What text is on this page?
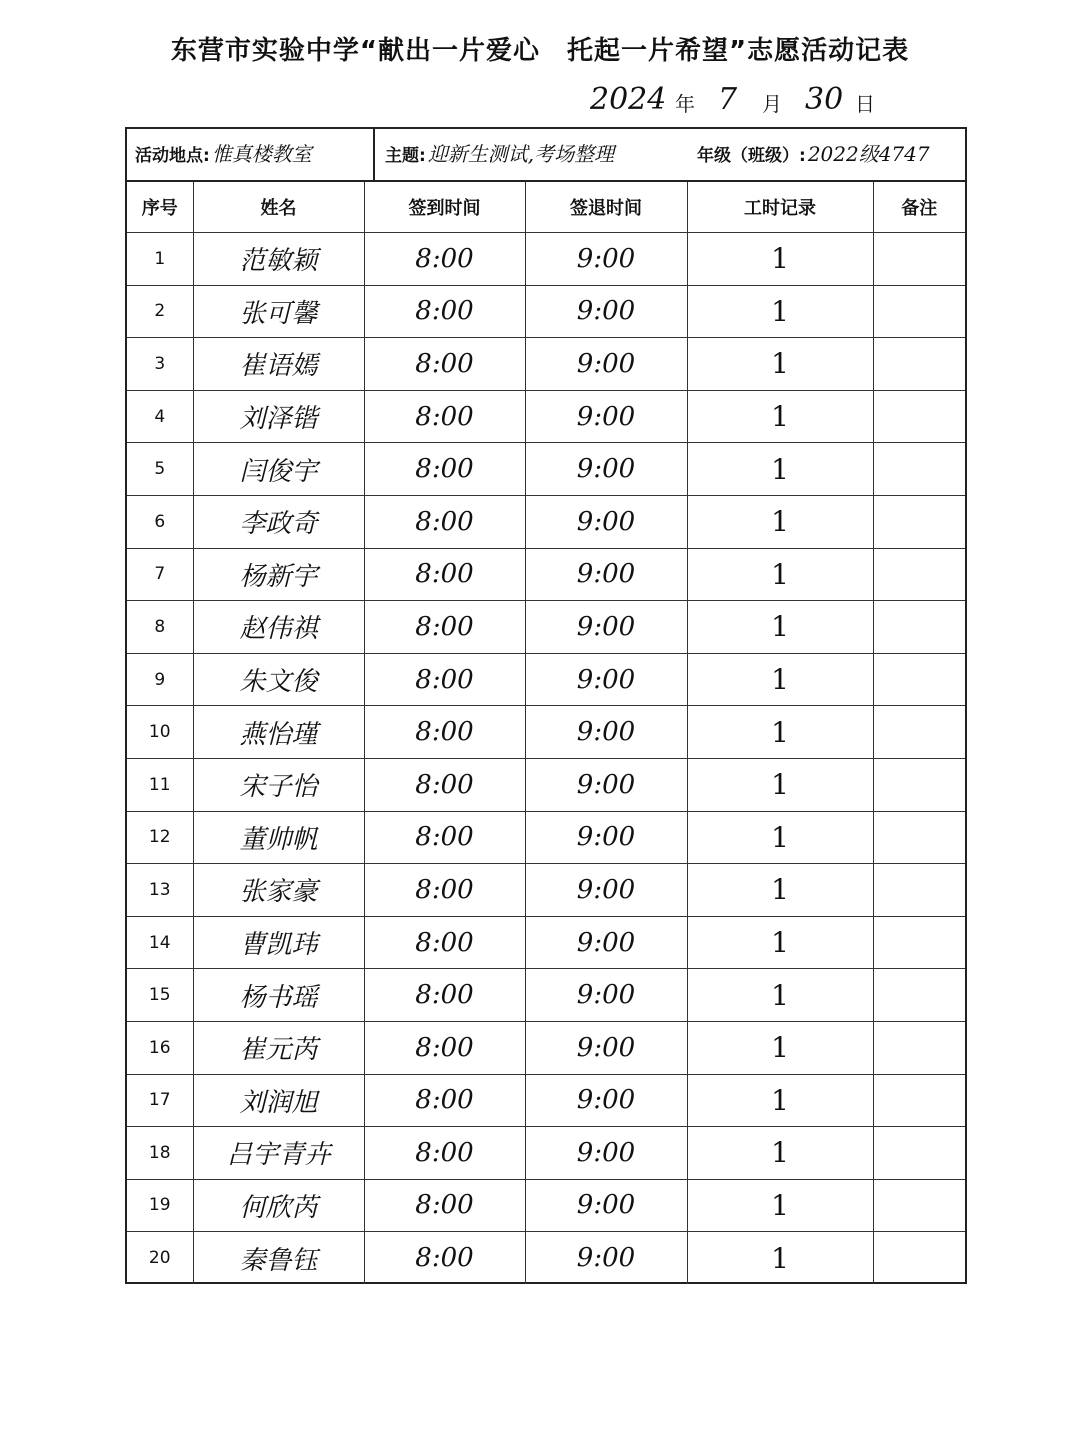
东营市实验中学“献出一片爱心　托起一片希望”志愿活动记表
2024 年 7 月 30 日
活动地点: 惟真楼教室	主题: 迎新生测试,考场整理	年级（班级）: 2022级4747
序号	姓名	签到时间	签退时间	工时记录	备注
1	范敏颖	8:00	9:00	1	
2	张可馨	8:00	9:00	1	
3	崔语嫣	8:00	9:00	1	
4	刘泽锴	8:00	9:00	1	
5	闫俊宇	8:00	9:00	1	
6	李政奇	8:00	9:00	1	
7	杨新宇	8:00	9:00	1	
8	赵伟祺	8:00	9:00	1	
9	朱文俊	8:00	9:00	1	
10	燕怡瑾	8:00	9:00	1	
11	宋子怡	8:00	9:00	1	
12	董帅帆	8:00	9:00	1	
13	张家豪	8:00	9:00	1	
14	曹凯玮	8:00	9:00	1	
15	杨书瑶	8:00	9:00	1	
16	崔元芮	8:00	9:00	1	
17	刘润旭	8:00	9:00	1	
18	吕宇青卉	8:00	9:00	1	
19	何欣芮	8:00	9:00	1	
20	秦鲁钰	8:00	9:00	1	
